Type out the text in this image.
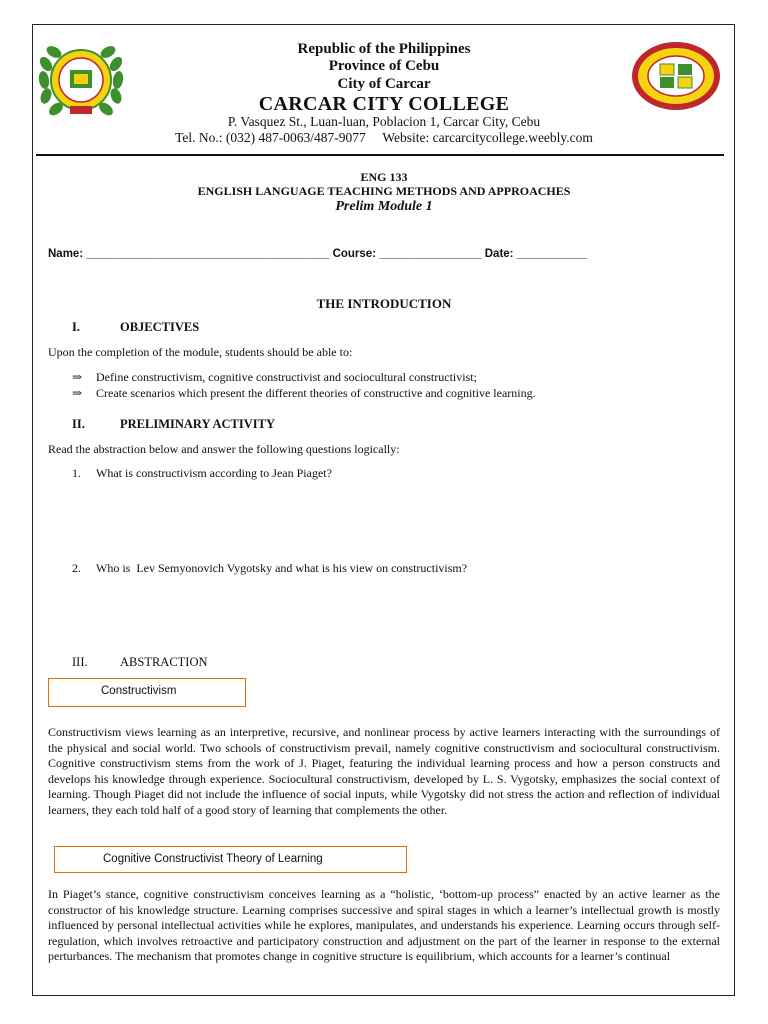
Republic of the Philippines
Province of Cebu
City of Carcar
CARCAR CITY COLLEGE
P. Vasquez St., Luan-luan, Poblacion 1, Carcar City, Cebu
Tel. No.: (032) 487-0063/487-9077     Website: carcarcitycollege.weebly.com
ENG 133
ENGLISH LANGUAGE TEACHING METHODS AND APPROACHES
Prelim Module 1
Name: ______________________________________ Course: ________________ Date: ___________
THE INTRODUCTION
I.	OBJECTIVES
Upon the completion of the module, students should be able to:
⇒ Define constructivism, cognitive constructivist and sociocultural constructivist;
⇒ Create scenarios which present the different theories of constructive and cognitive learning.
II.	PRELIMINARY ACTIVITY
Read the abstraction below and answer the following questions logically:
1. What is constructivism according to Jean Piaget?
2. Who is  Lev Semyonovich Vygotsky and what is his view on constructivism?
III.	ABSTRACTION
Constructivism
Constructivism views learning as an interpretive, recursive, and nonlinear process by active learners interacting with the surroundings of the physical and social world. Two schools of constructivism prevail, namely cognitive constructivism and sociocultural constructivism. Cognitive constructivism stems from the work of J. Piaget, featuring the individual learning process and how a person constructs and develops his knowledge through experience. Sociocultural constructivism, developed by L. S. Vygotsky, emphasizes the social context of learning. Though Piaget did not include the influence of social inputs, while Vygotsky did not stress the action and reflection of individual learners, they each told half of a good story of learning that complements the other.
Cognitive Constructivist Theory of Learning
In Piaget’s stance, cognitive constructivism conceives learning as a “holistic, ‘bottom-up process” enacted by an active learner as the constructor of his knowledge structure. Learning comprises successive and spiral stages in which a learner’s intellectual growth is mostly influenced by personal intellectual activities while he explores, manipulates, and understands his experience. Learning occurs through self-regulation, which involves retroactive and participatory construction and adjustment on the part of the learner in response to the external perturbances. The mechanism that promotes change in cognitive structure is equilibrium, which accounts for a learner’s continual
